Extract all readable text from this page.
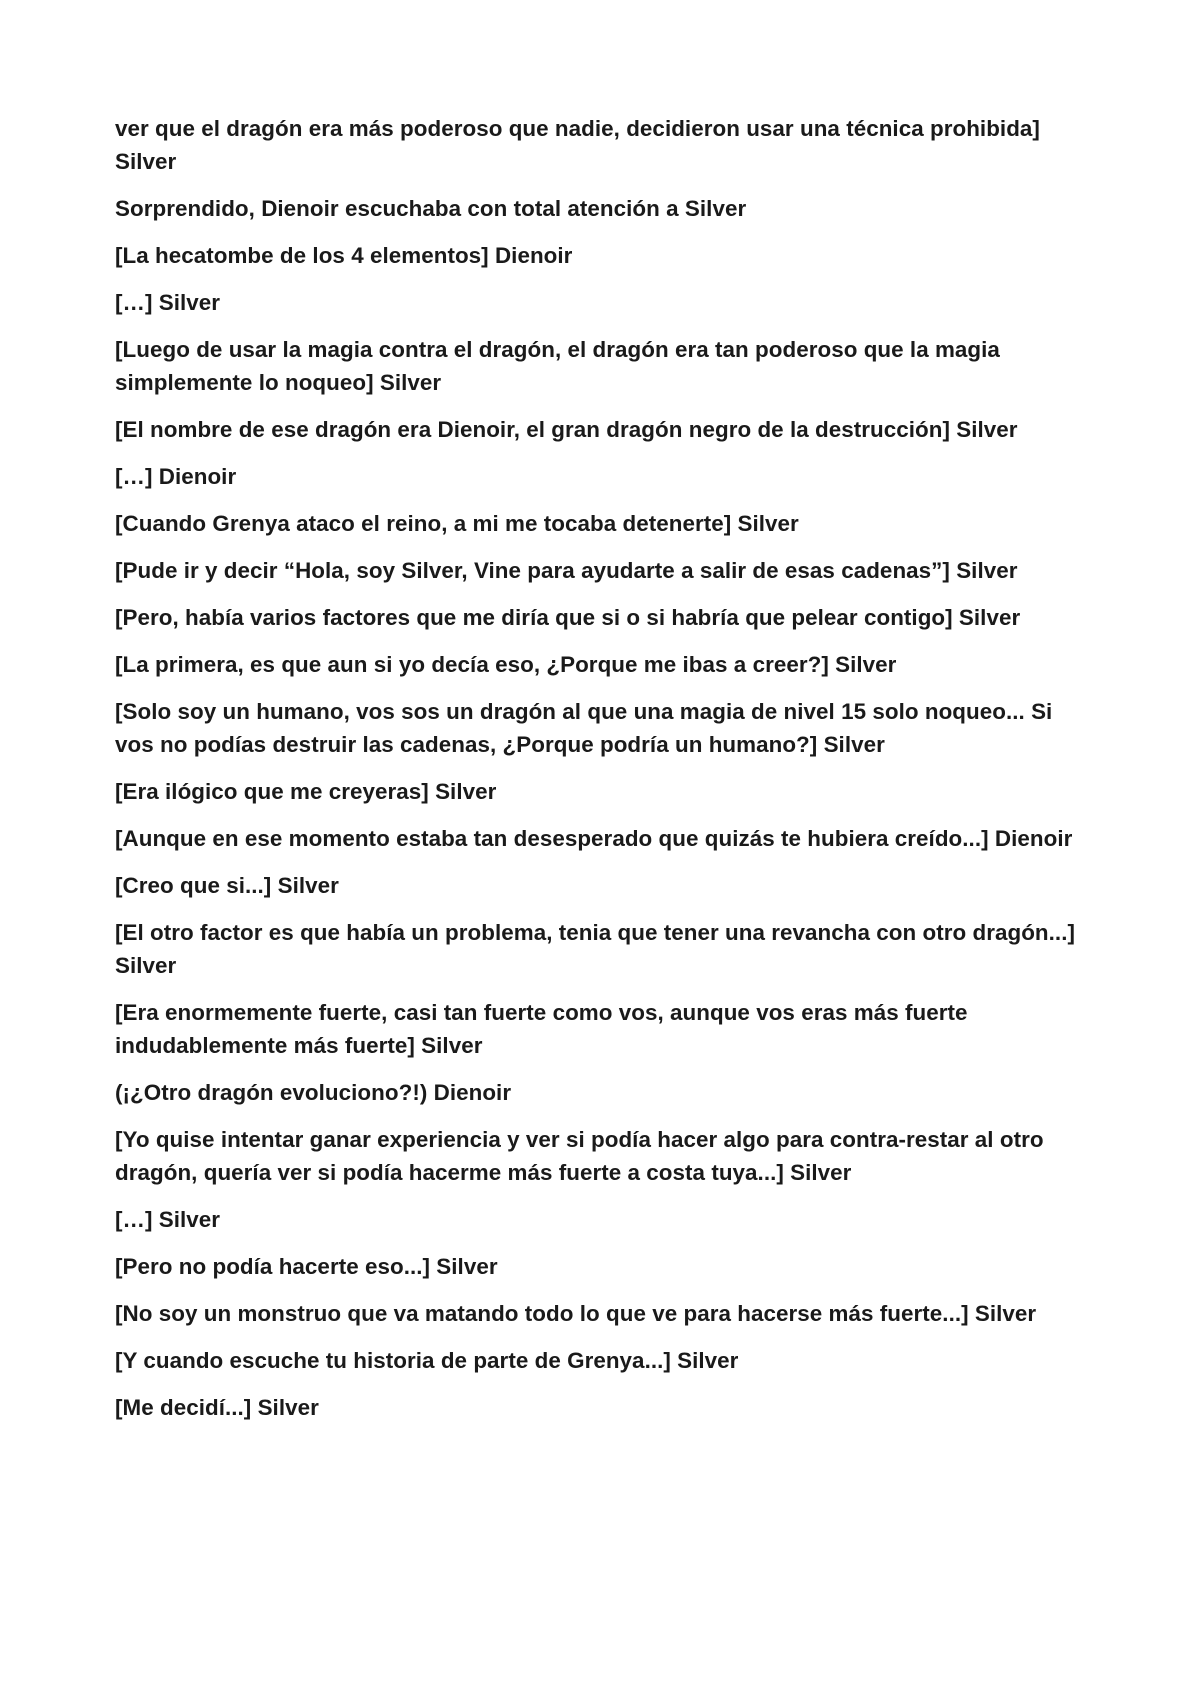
ver que el dragón era más poderoso que nadie, decidieron usar una técnica prohibida] Silver

Sorprendido, Dienoir escuchaba con total atención a Silver

[La hecatombe de los 4 elementos] Dienoir

[…] Silver

[Luego de usar la magia contra el dragón, el dragón era tan poderoso que la magia simplemente lo noqueo] Silver

[El nombre de ese dragón era Dienoir, el gran dragón negro de la destrucción] Silver

[…] Dienoir

[Cuando Grenya ataco el reino, a mi me tocaba detenerte] Silver

[Pude ir y decir “Hola, soy Silver, Vine para ayudarte a salir de esas cadenas”] Silver

[Pero, había varios factores que me diría que si o si habría que pelear contigo] Silver

[La primera, es que aun si yo decía eso, ¿Porque me ibas a creer?] Silver

[Solo soy un humano, vos sos un dragón al que una magia de nivel 15 solo noqueo... Si vos no podías destruir las cadenas, ¿Porque podría un humano?] Silver

[Era ilógico que me creyeras] Silver

[Aunque en ese momento estaba tan desesperado que quizás te hubiera creído...] Dienoir

[Creo que si...] Silver

[El otro factor es que había un problema, tenia que tener una revancha con otro dragón...] Silver

[Era enormemente fuerte, casi tan fuerte como vos, aunque vos eras más fuerte indudablemente más fuerte] Silver

(¡¿Otro dragón evoluciono?!) Dienoir

[Yo quise intentar ganar experiencia y ver si podía hacer algo para contra-restar al otro dragón, quería ver si podía hacerme más fuerte a costa tuya...] Silver

[…] Silver

[Pero no podía hacerte eso...] Silver

[No soy un monstruo que va matando todo lo que ve para hacerse más fuerte...] Silver

[Y cuando escuche tu historia de parte de Grenya...] Silver

[Me decidí...] Silver
